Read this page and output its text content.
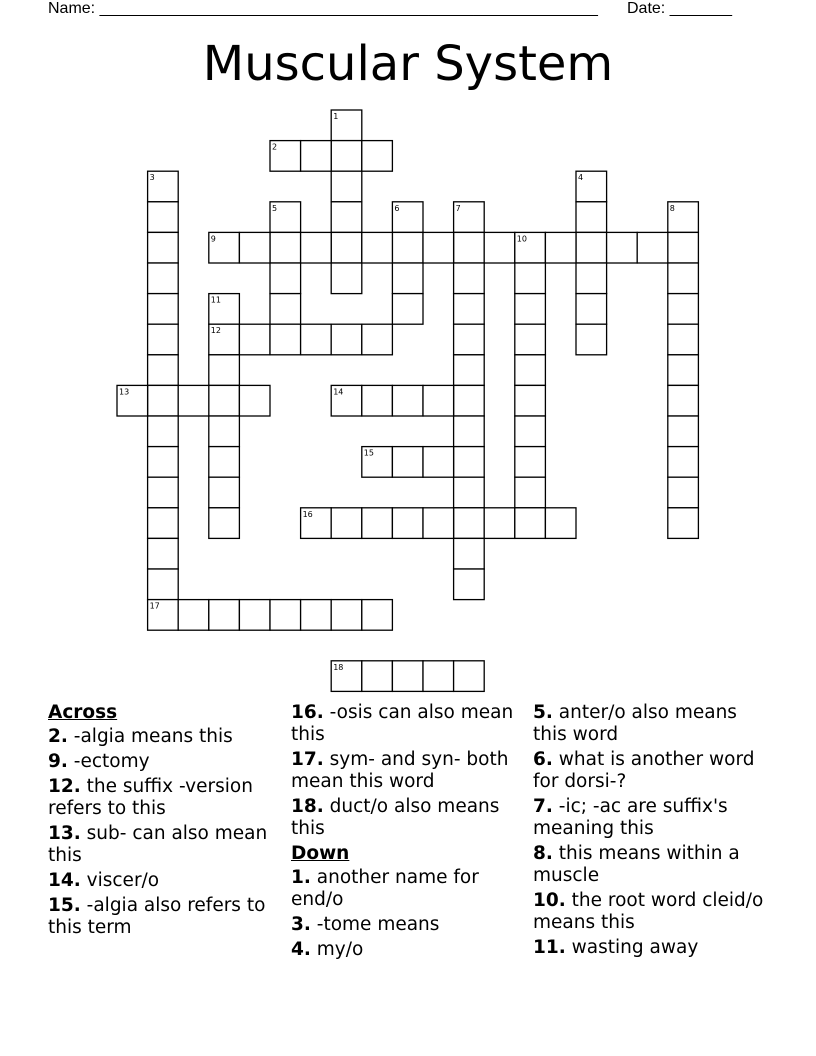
Name: ________________________________________________________ Date: _______
Muscular System
1
2
3
17
4
5	6	7	8
9	10
11
12
13	14
15
16
18
Across
2. -algia means this
9. -ectomy
12. the suffix -version refers to this
13. sub- can also mean this
14. viscer/o
15. -algia also refers to this term
16. -osis can also mean this
17. sym- and syn- both mean this word
18. duct/o also means this
Down
1. another name for end/o
3. -tome means
4. my/o
5. anter/o also means this word
6. what is another word for dorsi-?
7. -ic; -ac are suffix's meaning this
8. this means within a muscle
10. the root word cleid/o means this
11. wasting away
